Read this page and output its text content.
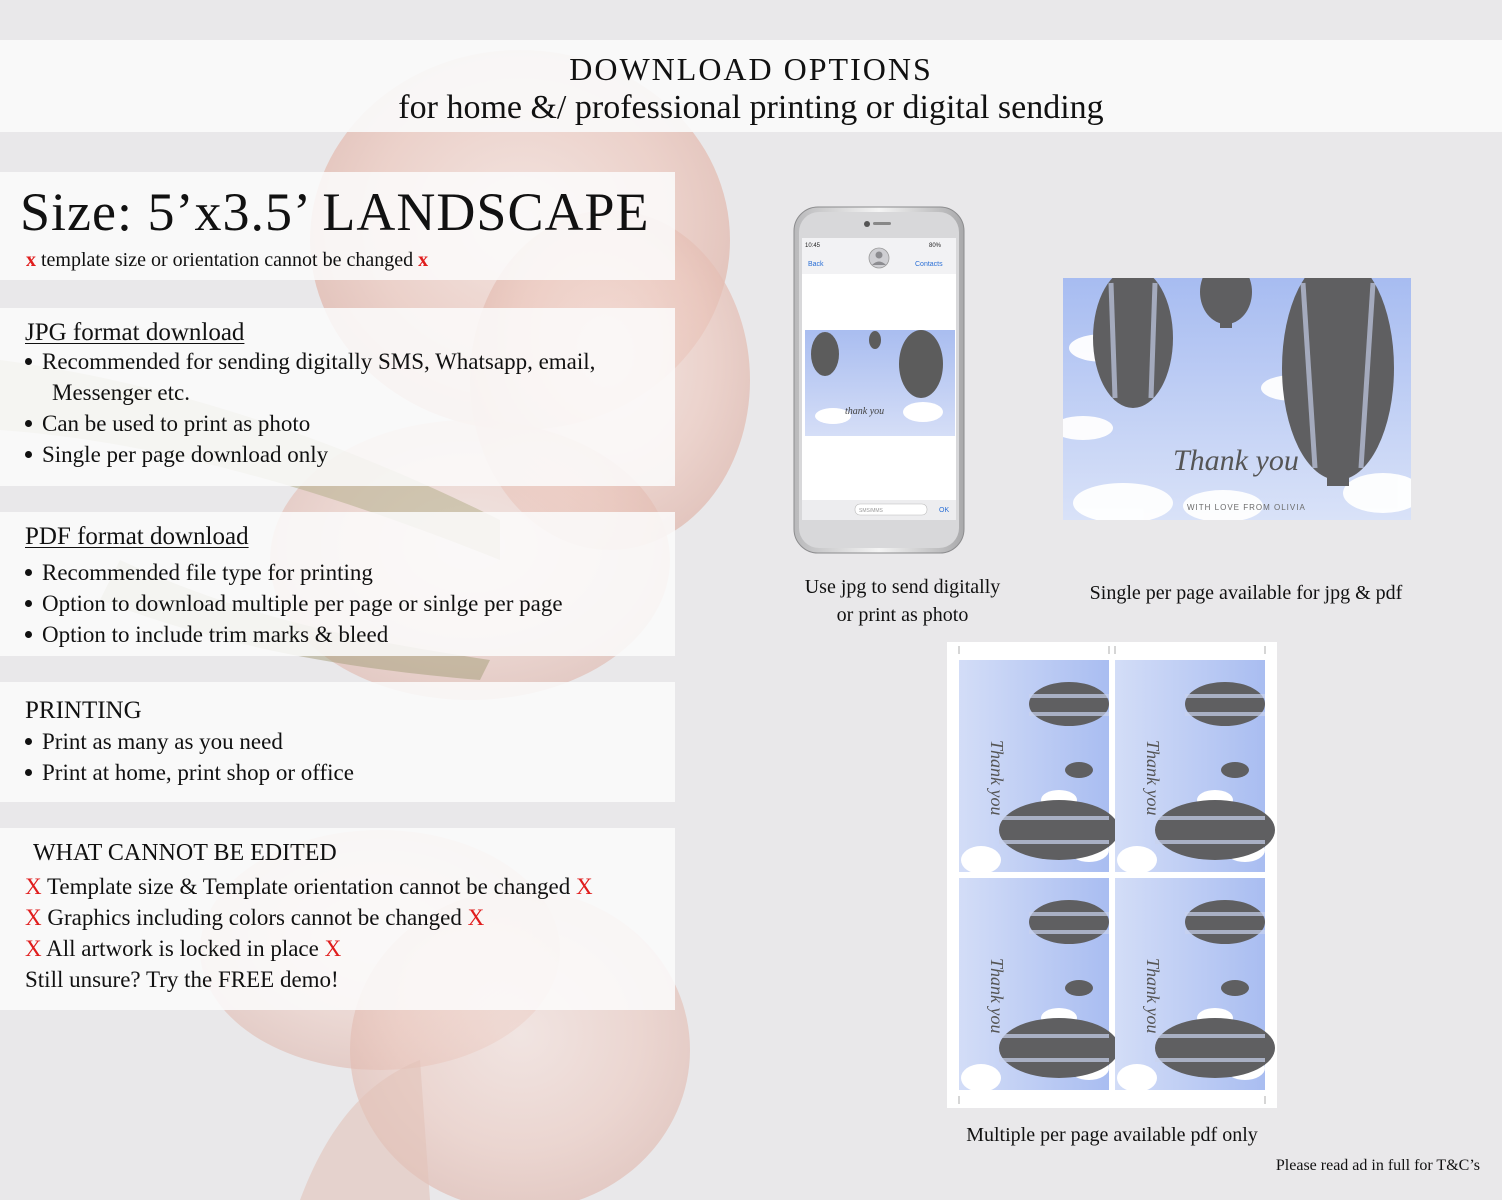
DOWNLOAD OPTIONS
for home &/ professional printing or digital sending
Size: 5’x3.5’ LANDSCAPE
x template size or orientation cannot be changed x
JPG format download
Recommended for sending digitally SMS, Whatsapp, email,
Messenger etc.
Can be used to print as photo
Single per page download only
PDF format download
Recommended file type for printing
Option to download multiple per page or sinlge per page
Option to include trim marks & bleed
PRINTING
Print as many as you need
Print at home, print shop or office
WHAT CANNOT BE EDITED
X Template size & Template orientation cannot be changed X
X Graphics including colors cannot be changed X
X All artwork is locked in place X
Still unsure? Try the FREE demo!
10:45	80%
Back	Contacts
thank you
SMS/MMS	OK
Use jpg to send digitally
or print as photo
Thank you
WITH LOVE FROM OLIVIA
Single per page available for jpg & pdf
Multiple per page available pdf only
Please read ad in full for T&C’s
